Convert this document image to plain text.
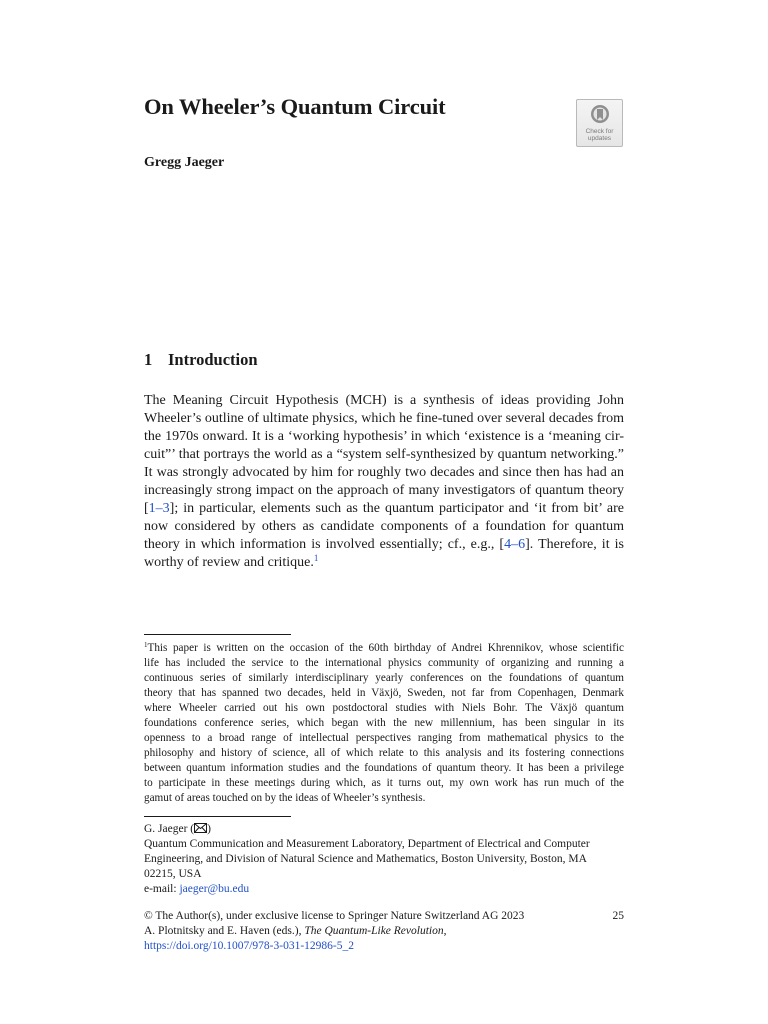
On Wheeler’s Quantum Circuit
Gregg Jaeger
Check for
updates
1 Introduction
The Meaning Circuit Hypothesis (MCH) is a synthesis of ideas providing John
Wheeler’s outline of ultimate physics, which he fine-tuned over several decades from
the 1970s onward. It is a ‘working hypothesis’ in which ‘existence is a ‘meaning cir-
cuit”’ that portrays the world as a “system self-synthesized by quantum networking.”
It was strongly advocated by him for roughly two decades and since then has had an
increasingly strong impact on the approach of many investigators of quantum theory
[1–3]; in particular, elements such as the quantum participator and ‘it from bit’ are
now considered by others as candidate components of a foundation for quantum
theory in which information is involved essentially; cf., e.g., [4–6]. Therefore, it is
worthy of review and critique.$^1$
$^1$This paper is written on the occasion of the 60th birthday of Andrei Khrennikov, whose scientific
life has included the service to the international physics community of organizing and running a
continuous series of similarly interdisciplinary yearly conferences on the foundations of quantum
theory that has spanned two decades, held in Växjö, Sweden, not far from Copenhagen, Denmark
where Wheeler carried out his own postdoctoral studies with Niels Bohr. The Växjö quantum
foundations conference series, which began with the new millennium, has been singular in its
openness to a broad range of intellectual perspectives ranging from mathematical physics to the
philosophy and history of science, all of which relate to this analysis and its fostering connections
between quantum information studies and the foundations of quantum theory. It has been a privilege
to participate in these meetings during which, as it turns out, my own work has run much of the
gamut of areas touched on by the ideas of Wheeler’s synthesis.
G. Jaeger ( )
Quantum Communication and Measurement Laboratory, Department of Electrical and Computer
Engineering, and Division of Natural Science and Mathematics, Boston University, Boston, MA
02215, USA
e-mail: jaeger@bu.edu
© The Author(s), under exclusive license to Springer Nature Switzerland AG 2023
A. Plotnitsky and E. Haven (eds.), The Quantum-Like Revolution,
https://doi.org/10.1007/978-3-031-12986-5_2
25
